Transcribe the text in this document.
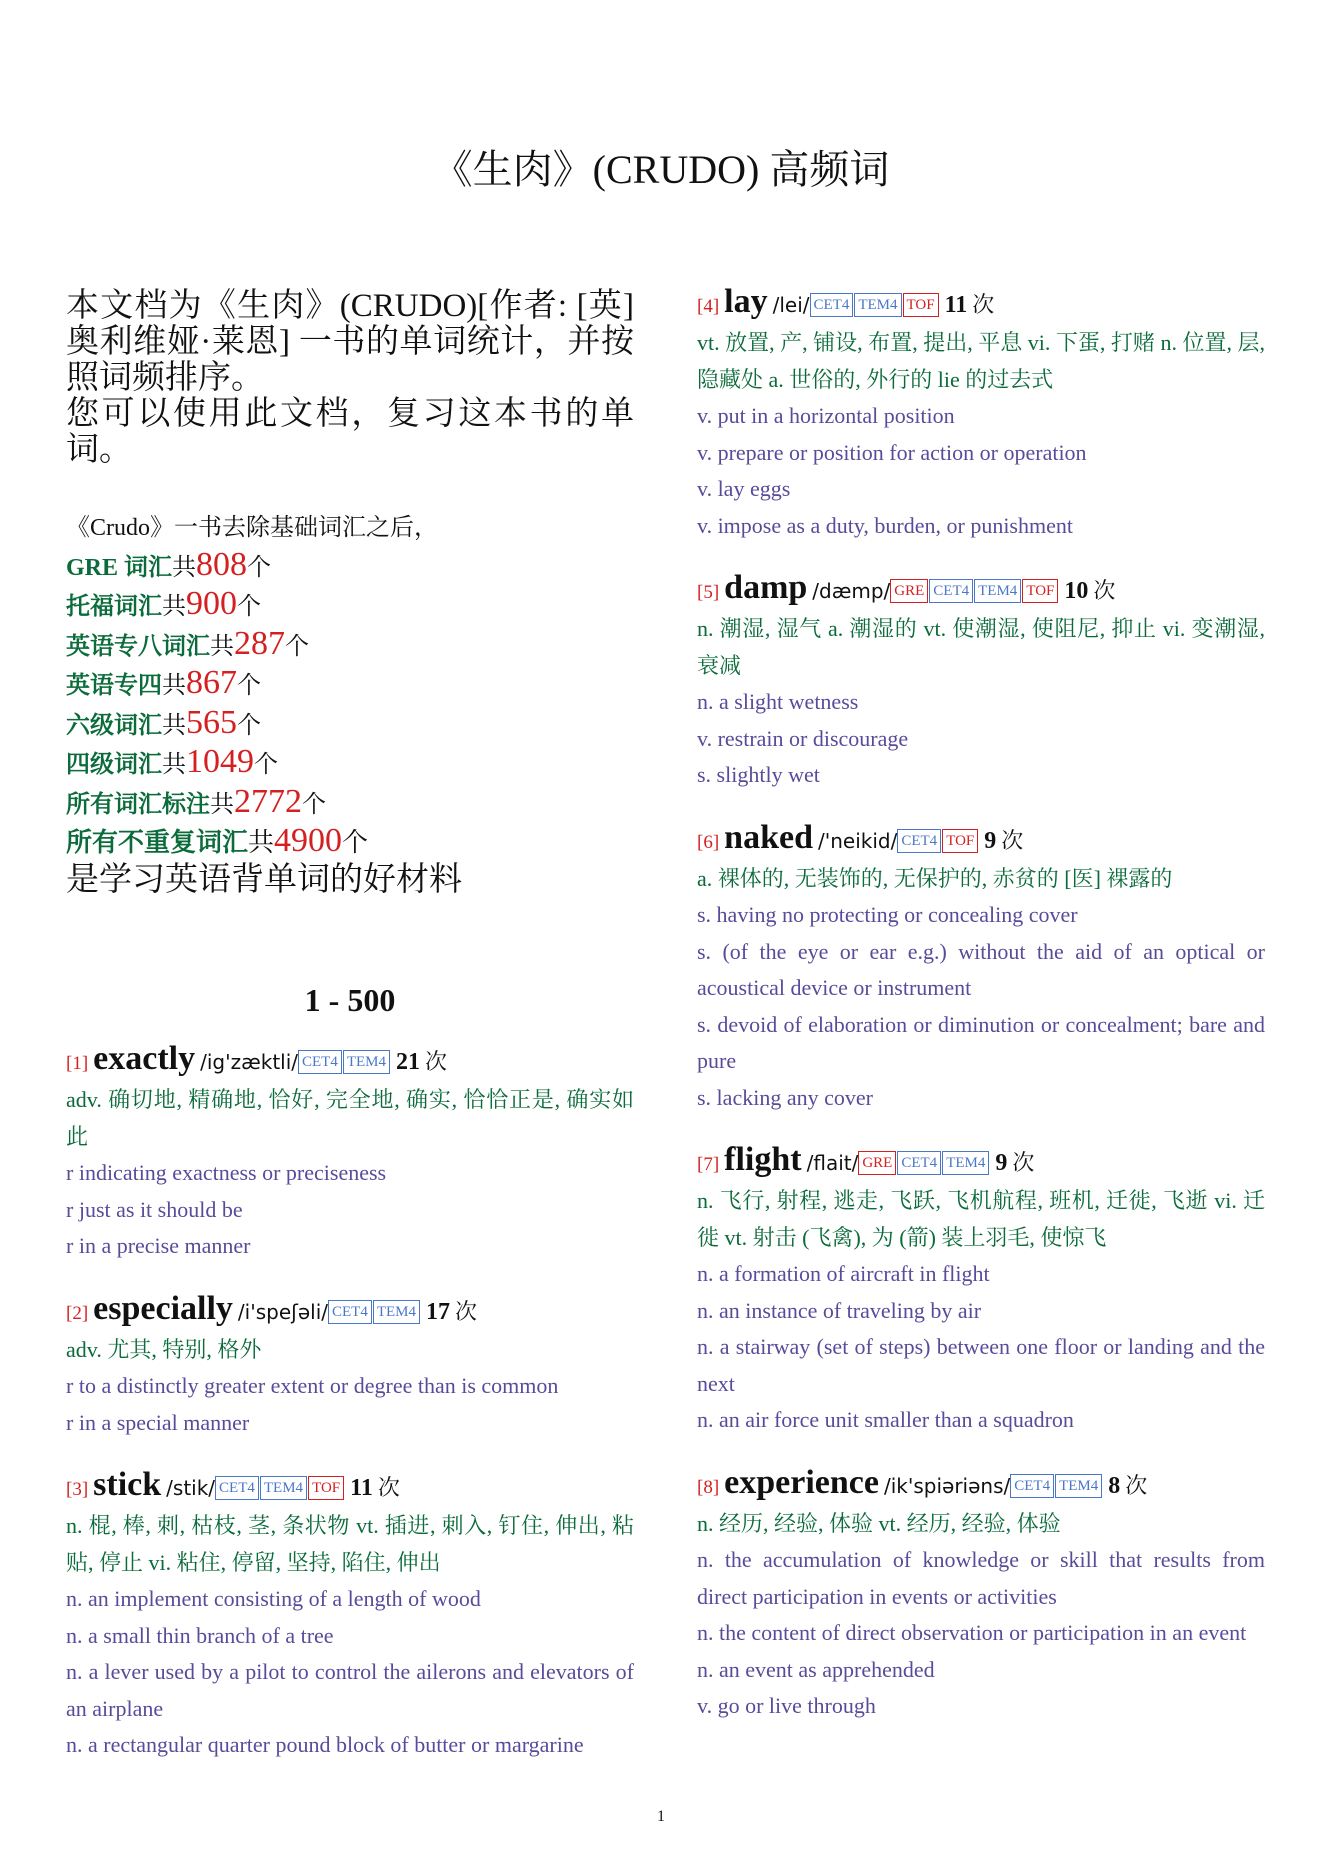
《生肉》(CRUDO) 高频词

本文档为《生肉》(CRUDO)[作者: [英] 奥利维娅·莱恩] 一书的单词统计，并按照词频排序。

您可以使用此文档，复习这本书的单词。

《Crudo》一书去除基础词汇之后，
GRE 词汇共808个
托福词汇共900个
英语专八词汇共287个
英语专四共867个
六级词汇共565个
四级词汇共1049个
所有词汇标注共2772个
所有不重复词汇共4900个
是学习英语背单词的好材料
1 - 500
[1] exactly /ig'zæktli/ CET4 TEM4 21 次
adv. 确切地, 精确地, 恰好, 完全地, 确实, 恰恰正是, 确实如此
r indicating exactness or preciseness
r just as it should be
r in a precise manner
[2] especially /i'speʃəli/ CET4 TEM4 17 次
adv. 尤其, 特别, 格外
r to a distinctly greater extent or degree than is common
r in a special manner
[3] stick /stik/ CET4 TEM4 TOF 11 次
n. 棍, 棒, 刺, 枯枝, 茎, 条状物 vt. 插进, 刺入, 钉住, 伸出, 粘贴, 停止 vi. 粘住, 停留, 坚持, 陷住, 伸出
n. an implement consisting of a length of wood
n. a small thin branch of a tree
n. a lever used by a pilot to control the ailerons and elevators of an airplane
n. a rectangular quarter pound block of butter or margarine
[4] lay /lei/ CET4 TEM4 TOF 11 次
vt. 放置, 产, 铺设, 布置, 提出, 平息 vi. 下蛋, 打赌 n. 位置, 层, 隐藏处 a. 世俗的, 外行的 lie 的过去式
v. put in a horizontal position
v. prepare or position for action or operation
v. lay eggs
v. impose as a duty, burden, or punishment
[5] damp /dæmp/ GRE CET4 TEM4 TOF 10 次
n. 潮湿, 湿气 a. 潮湿的 vt. 使潮湿, 使阻尼, 抑止 vi. 变潮湿, 衰减
n. a slight wetness
v. restrain or discourage
s. slightly wet
[6] naked /'neikid/ CET4 TOF 9 次
a. 裸体的, 无装饰的, 无保护的, 赤贫的 [医] 裸露的
s. having no protecting or concealing cover
s. (of the eye or ear e.g.) without the aid of an optical or acoustical device or instrument
s. devoid of elaboration or diminution or concealment; bare and pure
s. lacking any cover
[7] flight /flait/ GRE CET4 TEM4 9 次
n. 飞行, 射程, 逃走, 飞跃, 飞机航程, 班机, 迁徙, 飞逝 vi. 迁徙 vt. 射击 (飞禽), 为 (箭) 装上羽毛, 使惊飞
n. a formation of aircraft in flight
n. an instance of traveling by air
n. a stairway (set of steps) between one floor or landing and the next
n. an air force unit smaller than a squadron
[8] experience /ik'spiəriəns/ CET4 TEM4 8 次
n. 经历, 经验, 体验 vt. 经历, 经验, 体验
n. the accumulation of knowledge or skill that results from direct participation in events or activities
n. the content of direct observation or participation in an event
n. an event as apprehended
v. go or live through
1
